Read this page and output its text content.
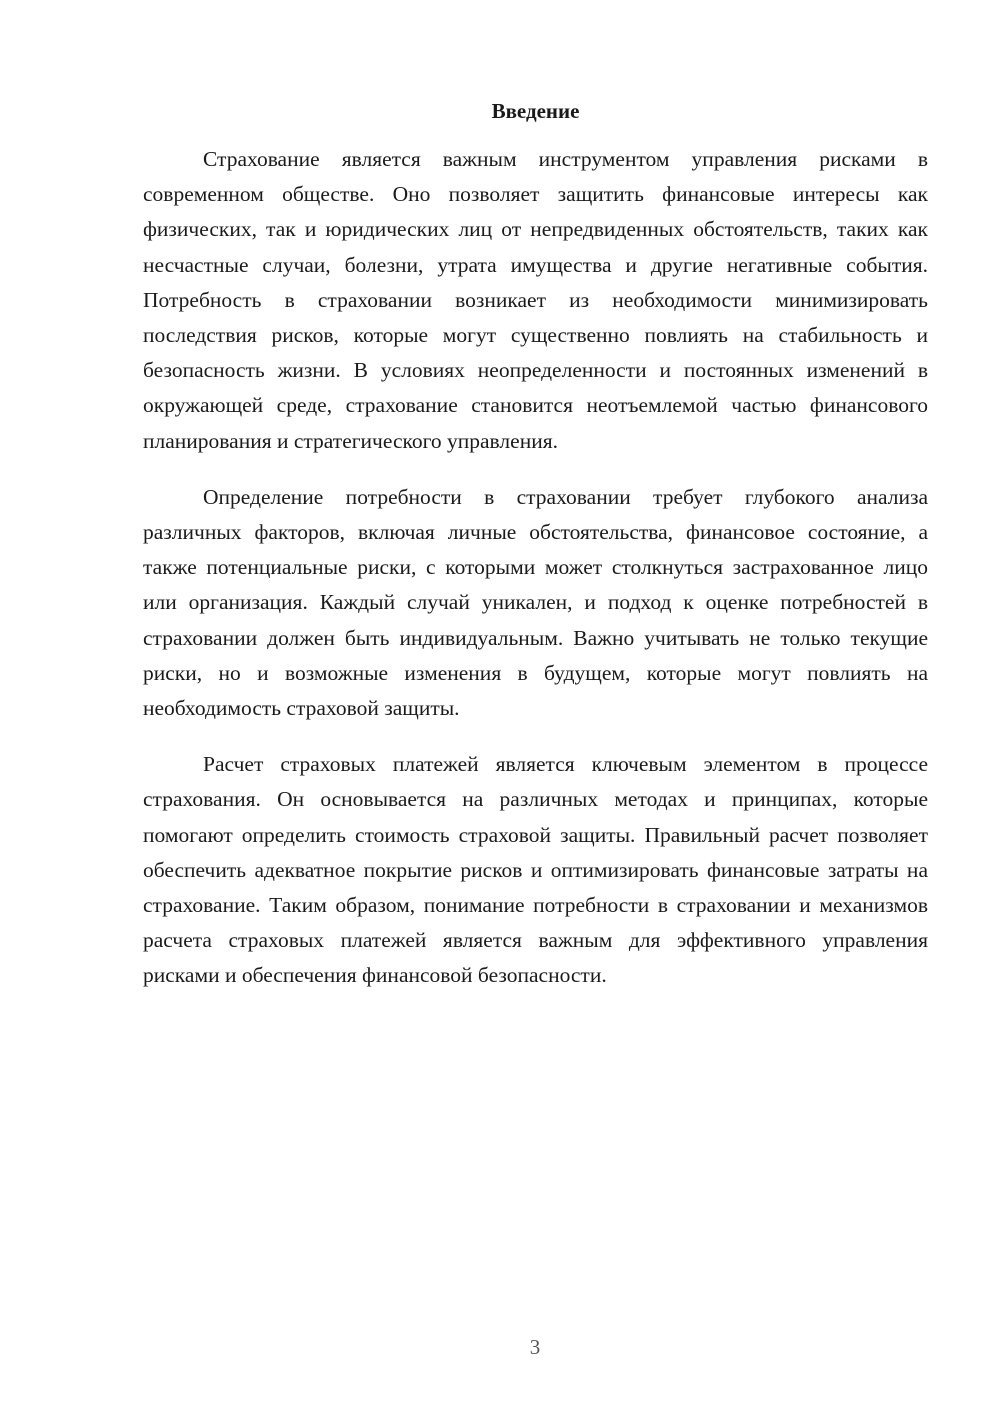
Введение

Страхование является важным инструментом управления рисками в современном обществе. Оно позволяет защитить финансовые интересы как физических, так и юридических лиц от непредвиденных обстоятельств, таких как несчастные случаи, болезни, утрата имущества и другие негативные события. Потребность в страховании возникает из необходимости минимизировать последствия рисков, которые могут существенно повлиять на стабильность и безопасность жизни. В условиях неопределенности и постоянных изменений в окружающей среде, страхование становится неотъемлемой частью финансового планирования и стратегического управления.

Определение потребности в страховании требует глубокого анализа различных факторов, включая личные обстоятельства, финансовое состояние, а также потенциальные риски, с которыми может столкнуться застрахованное лицо или организация. Каждый случай уникален, и подход к оценке потребностей в страховании должен быть индивидуальным. Важно учитывать не только текущие риски, но и возможные изменения в будущем, которые могут повлиять на необходимость страховой защиты.

Расчет страховых платежей является ключевым элементом в процессе страхования. Он основывается на различных методах и принципах, которые помогают определить стоимость страховой защиты. Правильный расчет позволяет обеспечить адекватное покрытие рисков и оптимизировать финансовые затраты на страхование. Таким образом, понимание потребности в страховании и механизмов расчета страховых платежей является важным для эффективного управления рисками и обеспечения финансовой безопасности.

3
